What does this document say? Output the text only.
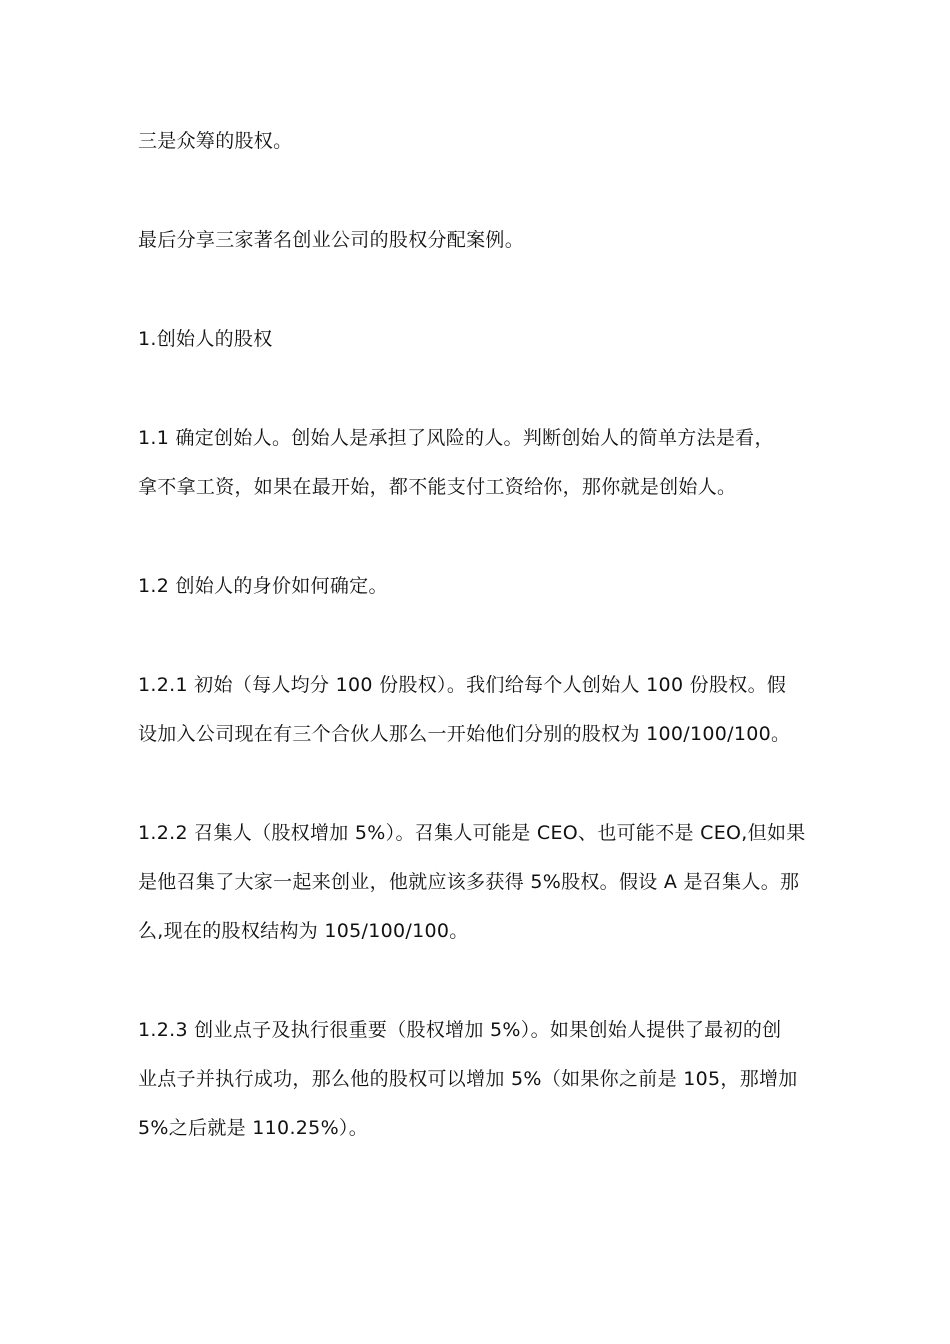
三是众筹的股权。

最后分享三家著名创业公司的股权分配案例。

1.创始人的股权

1.1 确定创始人。创始人是承担了风险的人。判断创始人的简单方法是看，
拿不拿工资，如果在最开始，都不能支付工资给你，那你就是创始人。

1.2 创始人的身价如何确定。

1.2.1 初始（每人均分 100 份股权）。我们给每个人创始人 100 份股权。假
设加入公司现在有三个合伙人那么一开始他们分别的股权为 100/100/100。

1.2.2 召集人（股权增加 5%）。召集人可能是 CEO、也可能不是 CEO,但如果
是他召集了大家一起来创业，他就应该多获得 5%股权。假设 A 是召集人。那
么,现在的股权结构为 105/100/100。

1.2.3 创业点子及执行很重要（股权增加 5%）。如果创始人提供了最初的创
业点子并执行成功，那么他的股权可以增加 5%（如果你之前是 105，那增加
5%之后就是 110.25%）。
